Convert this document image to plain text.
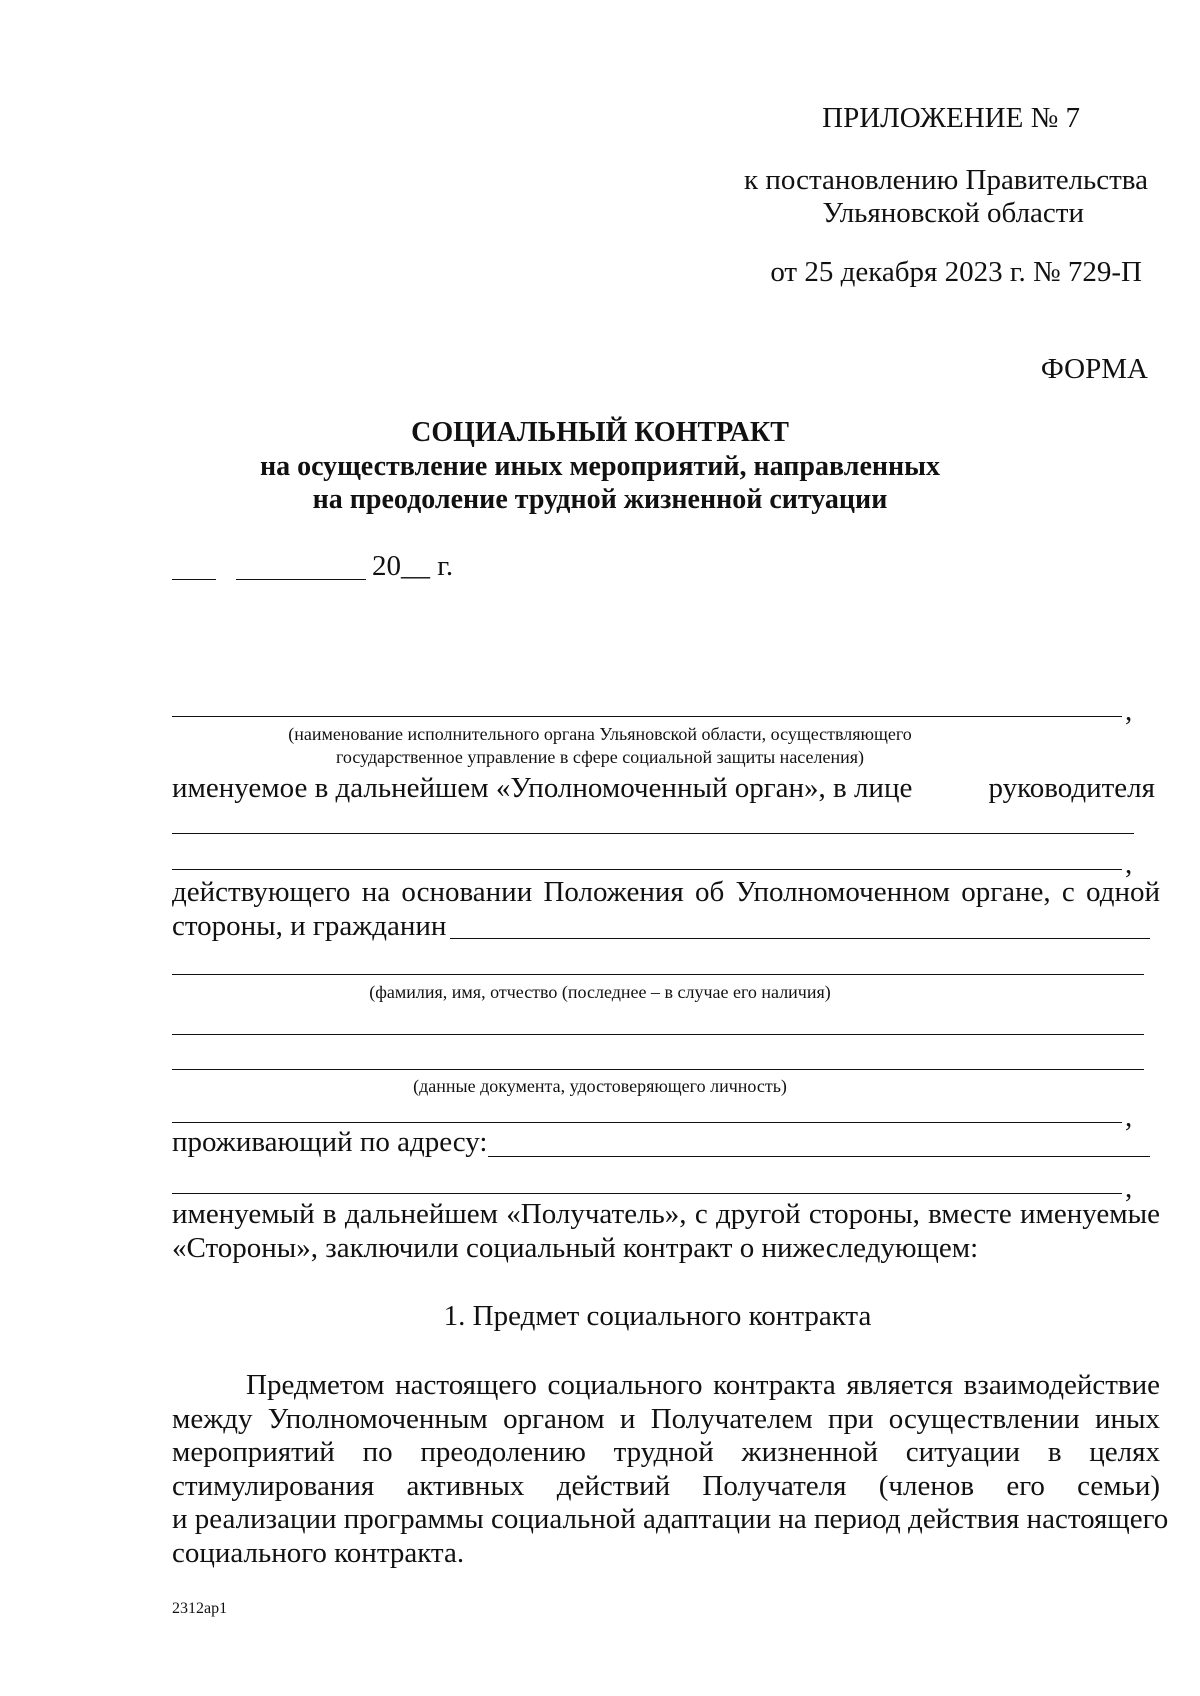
ПРИЛОЖЕНИЕ № 7
к постановлению Правительства
Ульяновской области
от 25 декабря 2023 г. № 729-П
ФОРМА
СОЦИАЛЬНЫЙ КОНТРАКТ
на осуществление иных мероприятий, направленных
на преодоление трудной жизненной ситуации
20__ г.
,
(наименование исполнительного органа Ульяновской области, осуществляющего
государственное управление в сфере социальной защиты населения)
именуемое в дальнейшем «Уполномоченный орган», в лице	руководителя
,
действующего на основании Положения об Уполномоченном органе, с одной
стороны, и гражданин
(фамилия, имя, отчество (последнее – в случае его наличия)
(данные документа, удостоверяющего личность)
,
проживающий по адресу:
,
именуемый в дальнейшем «Получатель», с другой стороны, вместе именуемые
«Стороны», заключили социальный контракт о нижеследующем:
1. Предмет социального контракта
Предметом настоящего социального контракта является взаимодействие
между Уполномоченным органом и Получателем при осуществлении иных
мероприятий по преодолению трудной жизненной ситуации в целях
стимулирования активных действий Получателя (членов его семьи)
и реализации программы социальной адаптации на период действия настоящего
социального контракта.
2312ap1
